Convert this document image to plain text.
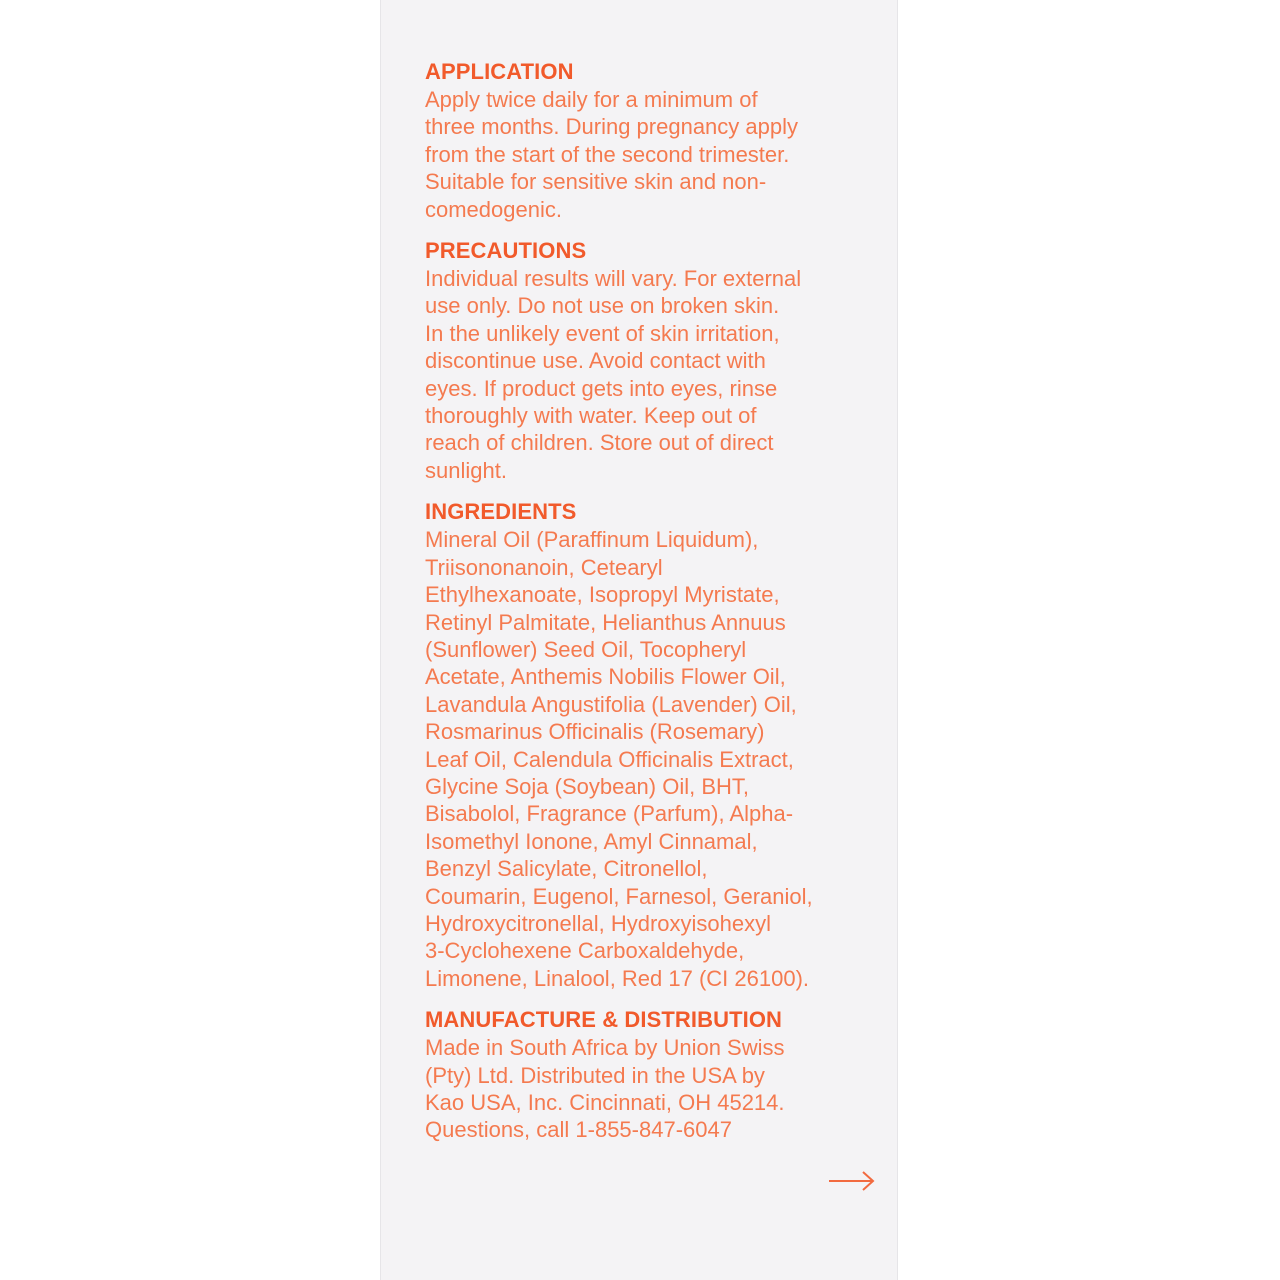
APPLICATION
Apply twice daily for a minimum of
three months. During pregnancy apply
from the start of the second trimester.
Suitable for sensitive skin and non-
comedogenic.
PRECAUTIONS
Individual results will vary. For external
use only. Do not use on broken skin.
In the unlikely event of skin irritation,
discontinue use. Avoid contact with
eyes. If product gets into eyes, rinse
thoroughly with water. Keep out of
reach of children. Store out of direct
sunlight.
INGREDIENTS
Mineral Oil (Paraffinum Liquidum),
Triisononanoin, Cetearyl
Ethylhexanoate, Isopropyl Myristate,
Retinyl Palmitate, Helianthus Annuus
(Sunflower) Seed Oil, Tocopheryl
Acetate, Anthemis Nobilis Flower Oil,
Lavandula Angustifolia (Lavender) Oil,
Rosmarinus Officinalis (Rosemary)
Leaf Oil, Calendula Officinalis Extract,
Glycine Soja (Soybean) Oil, BHT,
Bisabolol, Fragrance (Parfum), Alpha-
Isomethyl Ionone, Amyl Cinnamal,
Benzyl Salicylate, Citronellol,
Coumarin, Eugenol, Farnesol, Geraniol,
Hydroxycitronellal, Hydroxyisohexyl
3-Cyclohexene Carboxaldehyde,
Limonene, Linalool, Red 17 (CI 26100).
MANUFACTURE & DISTRIBUTION
Made in South Africa by Union Swiss
(Pty) Ltd. Distributed in the USA by
Kao USA, Inc. Cincinnati, OH 45214.
Questions, call 1-855-847-6047
